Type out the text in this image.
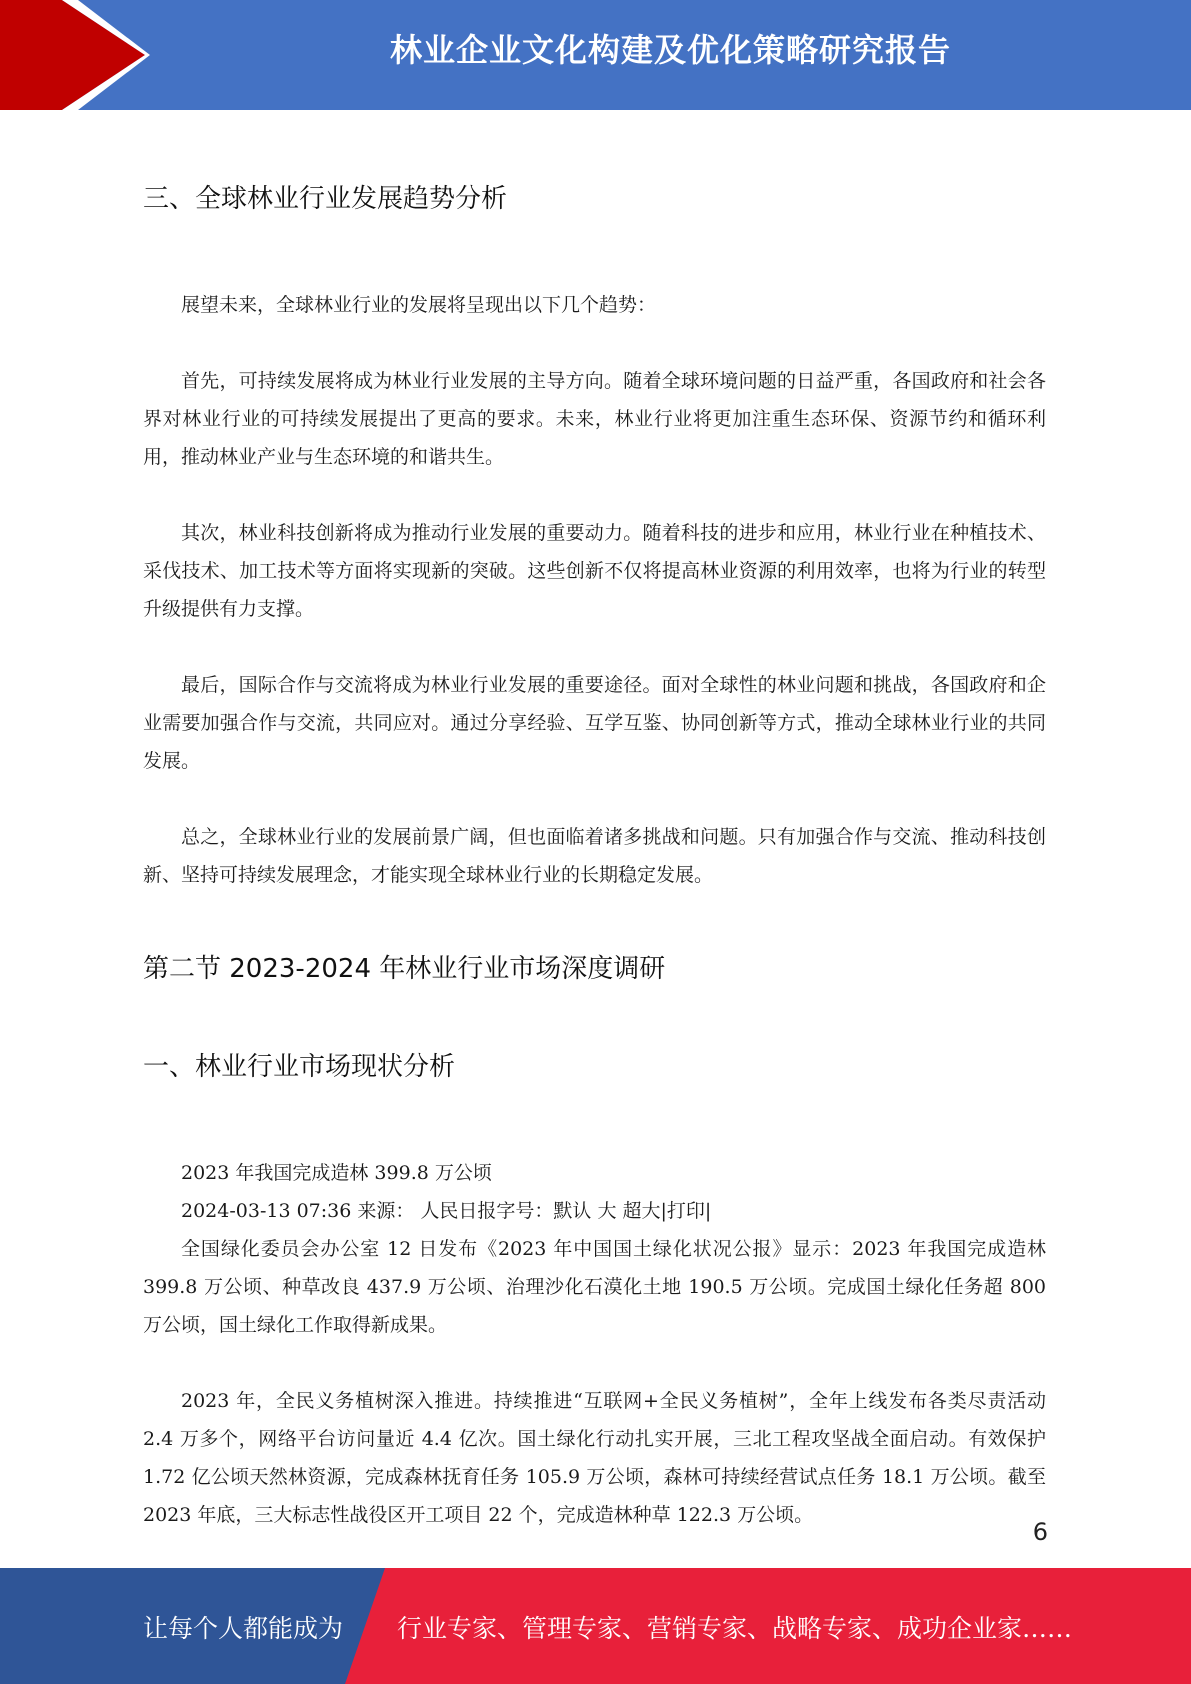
林业企业文化构建及优化策略研究报告
三、全球林业行业发展趋势分析

展望未来，全球林业行业的发展将呈现出以下几个趋势：

首先，可持续发展将成为林业行业发展的主导方向。随着全球环境问题的日益严重，各国政府和社会各界对林业行业的可持续发展提出了更高的要求。未来，林业行业将更加注重生态环保、资源节约和循环利用，推动林业产业与生态环境的和谐共生。

其次，林业科技创新将成为推动行业发展的重要动力。随着科技的进步和应用，林业行业在种植技术、采伐技术、加工技术等方面将实现新的突破。这些创新不仅将提高林业资源的利用效率，也将为行业的转型升级提供有力支撑。

最后，国际合作与交流将成为林业行业发展的重要途径。面对全球性的林业问题和挑战，各国政府和企业需要加强合作与交流，共同应对。通过分享经验、互学互鉴、协同创新等方式，推动全球林业行业的共同发展。

总之，全球林业行业的发展前景广阔，但也面临着诸多挑战和问题。只有加强合作与交流、推动科技创新、坚持可持续发展理念，才能实现全球林业行业的长期稳定发展。

第二节 2023-2024 年林业行业市场深度调研
一、林业行业市场现状分析

2023 年我国完成造林 399.8 万公顷

2024-03-13 07:36 来源： 人民日报字号：默认 大 超大|打印|

全国绿化委员会办公室 12 日发布《2023 年中国国土绿化状况公报》显示：2023 年我国完成造林 399.8 万公顷、种草改良 437.9 万公顷、治理沙化石漠化土地 190.5 万公顷。完成国土绿化任务超 800 万公顷，国土绿化工作取得新成果。

2023 年，全民义务植树深入推进。持续推进“互联网+全民义务植树”，全年上线发布各类尽责活动 2.4 万多个，网络平台访问量近 4.4 亿次。国土绿化行动扎实开展，三北工程攻坚战全面启动。有效保护 1.72 亿公顷天然林资源，完成森林抚育任务 105.9 万公顷，森林可持续经营试点任务 18.1 万公顷。截至 2023 年底，三大标志性战役区开工项目 22 个，完成造林种草 122.3 万公顷。

6
让每个人都能成为 行业专家、管理专家、营销专家、战略专家、成功企业家……
